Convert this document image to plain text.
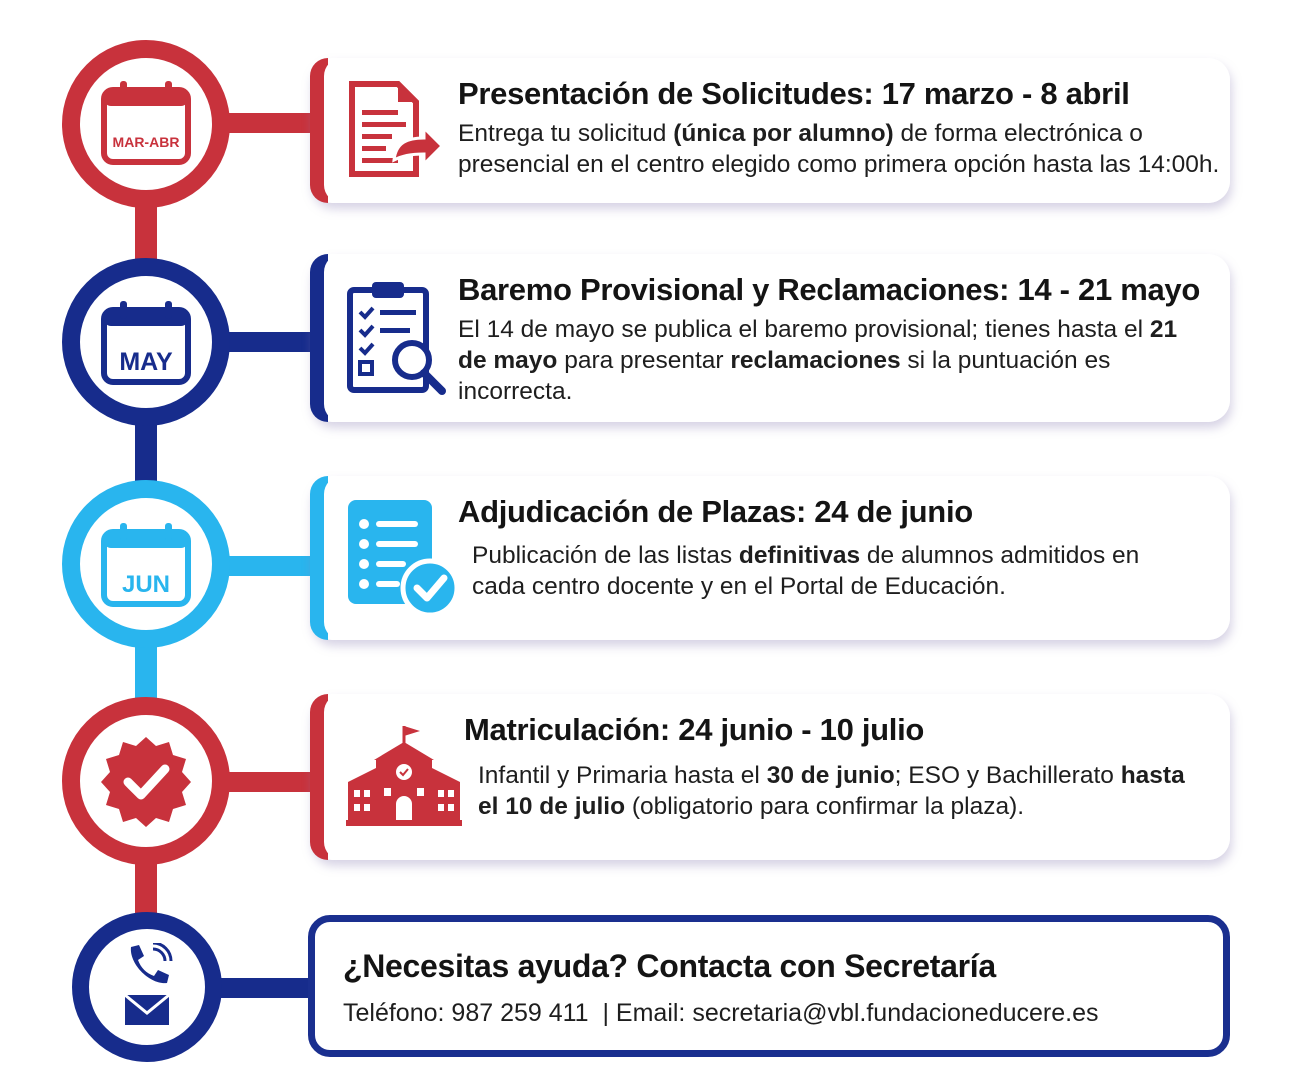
MAR-ABR
MAY
JUN
Presentación de Solicitudes: 17 marzo - 8 abril
Entrega tu solicitud (única por alumno) de forma electrónica o presencial en el centro elegido como primera opción hasta las 14:00h.
Baremo Provisional y Reclamaciones: 14 - 21 mayo
El 14 de mayo se publica el baremo provisional; tienes hasta el 21 de mayo para presentar reclamaciones si la puntuación es incorrecta.
Adjudicación de Plazas: 24 de junio
Publicación de las listas definitivas de alumnos admitidos en cada centro docente y en el Portal de Educación.
Matriculación: 24 junio - 10 julio
Infantil y Primaria hasta el 30 de junio; ESO y Bachillerato hasta el 10 de julio (obligatorio para confirmar la plaza).
¿Necesitas ayuda? Contacta con Secretaría
Teléfono: 987 259 411  | Email: secretaria@vbl.fundacioneducere.es
